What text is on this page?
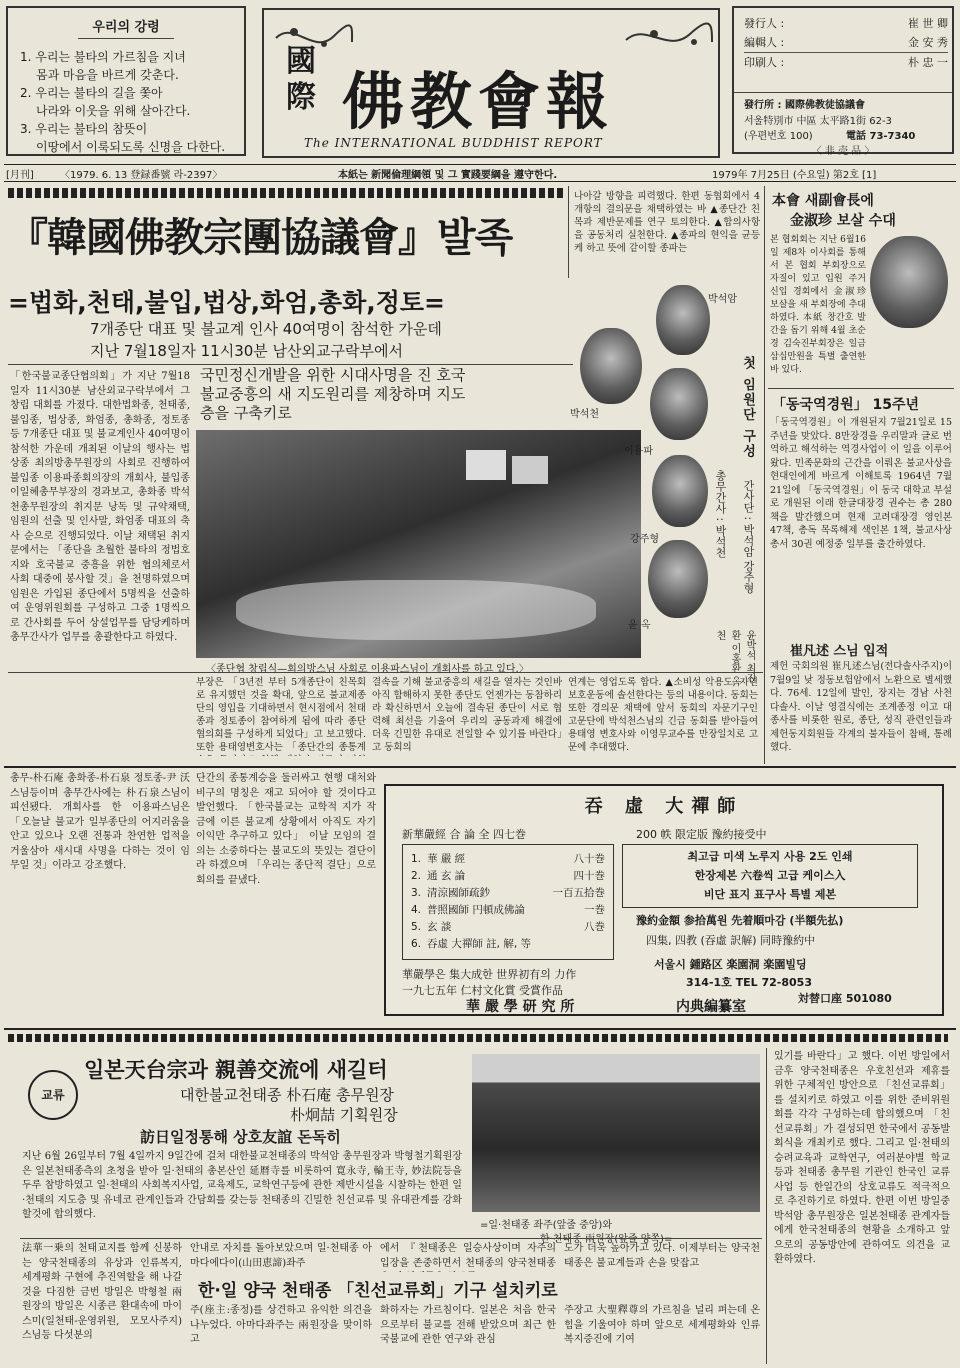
우리의 강령
1. 우리는 불타의 가르침을 지녀
몸과 마음을 바르게 갖춘다.
2. 우리는 불타의 길을 쫓아
나라와 이웃을 위해 살아간다.
3. 우리는 불타의 참뜻이
이땅에서 이룩되도록 신명을 다한다.
國際 佛教會報
The INTERNATIONAL BUDDHIST REPORT
發行人 :	崔 世 卿
編輯人 :	金 安 秀
印刷人 :	朴 忠 一
發行所 : 國際佛教徒協議會
서울特別市 中區 太平路1街 62-3
(우편번호 100)	電話 73-7340
〈 非 売 品 〉
[月刊]	〈1979. 6. 13 登録番號 라-2397〉	本紙는 新聞倫理綱領 및 그 實踐要綱을 遵守한다.	1979年 7月25日 (수요일) 第2호 [1]
『韓國佛教宗團協議會』발족
=법화,천태,불입,법상,화엄,총화,정토=
7개종단 대표 및 불교계 인사 40여명이 참석한 가운데
지난 7월18일자 11시30분 남산외교구락부에서
국민정신개발을 위한 시대사명을 진 호국
불교중흥의 새 지도원리를 제창하며 지도
층을 구축키로
「한국불교종단협의회」가 지난 7월18일자 11시30분 남산외교구락부에서 그 창립 대회를 가졌다. 대한법화종, 천태종, 불입종, 법상종, 화엄종, 총화종, 정토종 등 7개종단 대표 및 불교계인사 40여명이 참석한 가운데 개최된 이날의 행사는 법상종 최의방총무원장의 사회로 진행하여 불입종 이용파종회의장의 개회사, 불입종 이일혜총무부장의 경과보고, 총화종 박석천총무원장의 취지문 낭독 및 규약채택, 임원의 선출 및 인사말, 화엄종 대표의 축사 순으로 진행되었다. 이날 채택된 취지문에서는 「종단을 초월한 불타의 정법호지와 호국불교 중흥을 위한 협의체로서 사회 대중에 봉사할 것」을 천명하였으며 임원은 가입된 종단에서 5명씩을 선출하여 운영위원회를 구성하고 그중 1명씩으로 간사회를 두어 상설업무를 담당케하며 총무간사가 업무를 총괄한다고 하였다.
〈종단협 창립식—회의방스님 사회로 이용파스님이 개회사를 하고 있다.〉
박석암
박석천
이용파
강주형
윤 옥
첫 임원단 구성
총무간사 : 박석천 간사단 : 박석암 강주형
윤박석 최진환 이홍환 옥천
나아갈 방향을 피력했다. 한편 동협회에서 4개항의 결의문을 채택하였는 바 ▲종단간 친목과 제반문제를 연구 토의한다. ▲합의사항을 공동처리 실천한다. ▲종파의 현익을 균등케 하고 뜻에 같이할 종파는
부장은 「3년전 부터 5개종단이 친목회로 유지했던 것을 확대, 앞으로 불교제종단의 영입을 기대하면서 현시점에서 천태종과 정토종이 참여하게 됨에 따라 종단협의회를 구성하게 되었다」고 보고했다. 또한 용태영변호사는 「종단간의 종통계
결속을 기해 불교중흥의 새길을 열자는 것인바 아직 합해하지 못한 종단도 언젠가는 동참하리라 확신하면서 오늘에 결속된 종단이 서로 협력해 최선을 기울여 우리의 공동과제 해결에 더욱 긴밀한 유대로 전일할 수 있기를 바란다」고 동회의
연계는 영업도록 합다. ▲소비성 악용도, 자연보호운동에 솔선한다는 등의 내용이다. 동회는 또한 경의문 채택에 앞서 동회의 자문기구인 고문단에 박석천스님의 긴급 동회를 받아들여 용태영 변호사와 이영무교수를 만장일치로 고문에 추대했다.
本會 새副會長에
金淑珍 보살 수대
본 협회회는 지난 6월16일 제8차 이사회를 통해서 본 협회 부회장으로 자질이 있고 입원 주거 신입 경회에서 金淑珍 보살을 새 부회장에 추대하였다. 本紙 창간호 발간을 돕기 위해 4월 초순경 김숙진부회장은 일금 삼십만원을 특별 출연한 바 있다.
「동국역경원」 15주년
「동국역경원」이 개원된지 7월21일로 15주년을 맞았다. 8만장경을 우리말과 글로 번역하고 해석하는 역경사업이 이 일을 이루어 왔다. 민족문화의 근간을 이뤄온 불교사상을 현대인에게 바르게 이해토록 1964년 7월 21일에 「동국역경원」이 동국 대학교 부설로 개원된 이래 한글대장경 권수는 총 280책을 발간했으며 현재 고려대장경 영인본 47책, 총독 목록해제 색인본 1책, 불교사상총서 30권 예정중 일부를 출간하였다.
崔凡述 스님 입적
제헌 국회의원 崔凡述스님(전다솔사주지)이 7월9일 낮 정동보험암에서 노환으로 별세했다. 76세. 12일에 발인, 장지는 경남 사천 다솔사. 이날 영결식에는 조계종정 이고 대종사를 비롯한 원로, 종단, 성직 관련인들과 제헌동지회원들 각계의 불자들이 참배, 통례했다.
총무-朴石庵 총화종-朴石泉 정토종-尹 沃스님등이며 총무간사에는 朴石泉스님이 피선됐다. 개회사를 한 이용파스님은 「오늘날 불교가 일부종단의 어지러움을 안고 있으나 오랜 전통과 찬연한 업적을 거울삼아 새시대 사명을 다하는 것이 임무일 것」이라고 강조했다.
단간의 종통계승을 둘러싸고 현행 대처와 비구의 명칭은 재고 되어야 할 것이다고 발언했다. 「한국불교는 교학적 지가 작금에 이른 불교계 상황에서 아직도 자기 이익만 추구하고 있다」 이날 모임의 결의는 소중하다는 불교도의 뜻있는 결단이라 하겠으며 「우리는 종단적 결단」으로 회의를 끝냈다.
吞 虛 大禪師
新華嚴經 合 論 全 四七巻	200 帙 限定版 豫約接受中
1. 華 嚴 經	八十巻
2. 通 玄 論	四十巻
3. 清涼國師疏鈔	一百五拾巻
4. 普照國師 円頓成佛論	一巻
5. 玄 談	八巻
6. 吞虛 大禪師 註, 解, 等
최고급 미색 노루지 사용 2도 인쇄
한장제본 六卷씩 고급 케이스入
비단 표지 표구사 특별 제본
豫約金額 参拾萬원 先着順마감 (半額先払)
四集, 四教 (吞虛 訳解) 同時豫約中
華嚴學은 集大成한 世界初有의 力作
서울시 鍾路区 楽園洞 楽園빌딩
314-1호 TEL 72-8053
一九七五年 仁村文化賞 受賞作品
対替口座 501080
華 嚴 學 研 究 所	内典編纂室
교류
일본天台宗과 親善交流에 새길터
대한불교천태종 朴石庵 총무원장
朴炯喆 기획원장
訪日일정통해 상호友誼 돈독히
지난 6월 26일부터 7월 4일까지 9일간에 걸쳐 대한불교천태종의 박석암 총무원장과 박형철기획원장은 일본천태종측의 초청을 받아 일·천태의 총본산인 延暦寺를 비롯하여 寛永寺, 輪王寺, 妙法院등을 두루 참방하였고 일·천태의 사회복지사업, 교육제도, 교학연구등에 관한 제반시설을 시찰하는 한편 일·천태의 지도층 및 유네코 관계인들과 간담회를 갖는등 천태종의 긴밀한 친선교류 및 유대관계를 강화할것에 합의했다.
=일·천태종 좌주(앞줄 중앙)와
한·천태종 兩원장(앞줄 양쪽)=
法華一乗의 천태교지를 함께 신봉하는 양국천태종의 유상과 인류복지, 세계평화 구현에 추진역할을 해 나갈 것을 다짐한 금번 방일은 박형철 兩원장의 방일은 시종큰 환대속에 마이스미(일천태-운영위원, 모모사주지)스님등 다섯분의
안내로 자치를 돌아보았으며 일·천태종 아마다에다이(山田恵諦)좌주
에서 『천태종은 일승사상이며 자주의 입장을 존중하면서 천태종의 양국천태종
도가 더욱 높아가고 있다. 이제부터는 양국천태종은 불교계들과 손을 맞잡고
한·일 양국 천태종 「친선교류회」기구 설치키로
주(座主:종정)를 상견하고 유익한 의견을 나누었다. 아마다좌주는 兩원장을 맞이하고
화하자는 가르침이다. 일본은 처음 한국으로부터 불교를 전해 받았으며 최근 한국불교에 관한 연구와 관심
주장고 大聖釋尊의 가르침을 널리 펴는데 온힘을 기울여야 하며 앞으로 세계평화와 인류복지증진에 기여
있기를 바란다」고 했다. 이번 방일에서 금후 양국천태종은 우호친선과 제휴를 위한 구체적인 방안으로 「친선교류회」를 설치키로 하였고 이를 위한 준비위원회를 각각 구성하는데 합의했으며 「친선교류회」가 결성되면 한국에서 공동발회식을 개최키로 했다. 그리고 일·천태의 승려교육과 교학연구, 여러분야별 학교 등과 천태종 총무원 기관인 한국인 교류사업 등 한일간의 상호교류도 적극적으로 추진하기로 하였다. 한편 이번 방일중 박석암 총무원장은 일본천태종 관계자들에게 한국천태종의 현황을 소개하고 앞으로의 공동방안에 관하여도 의견을 교환하였다.
